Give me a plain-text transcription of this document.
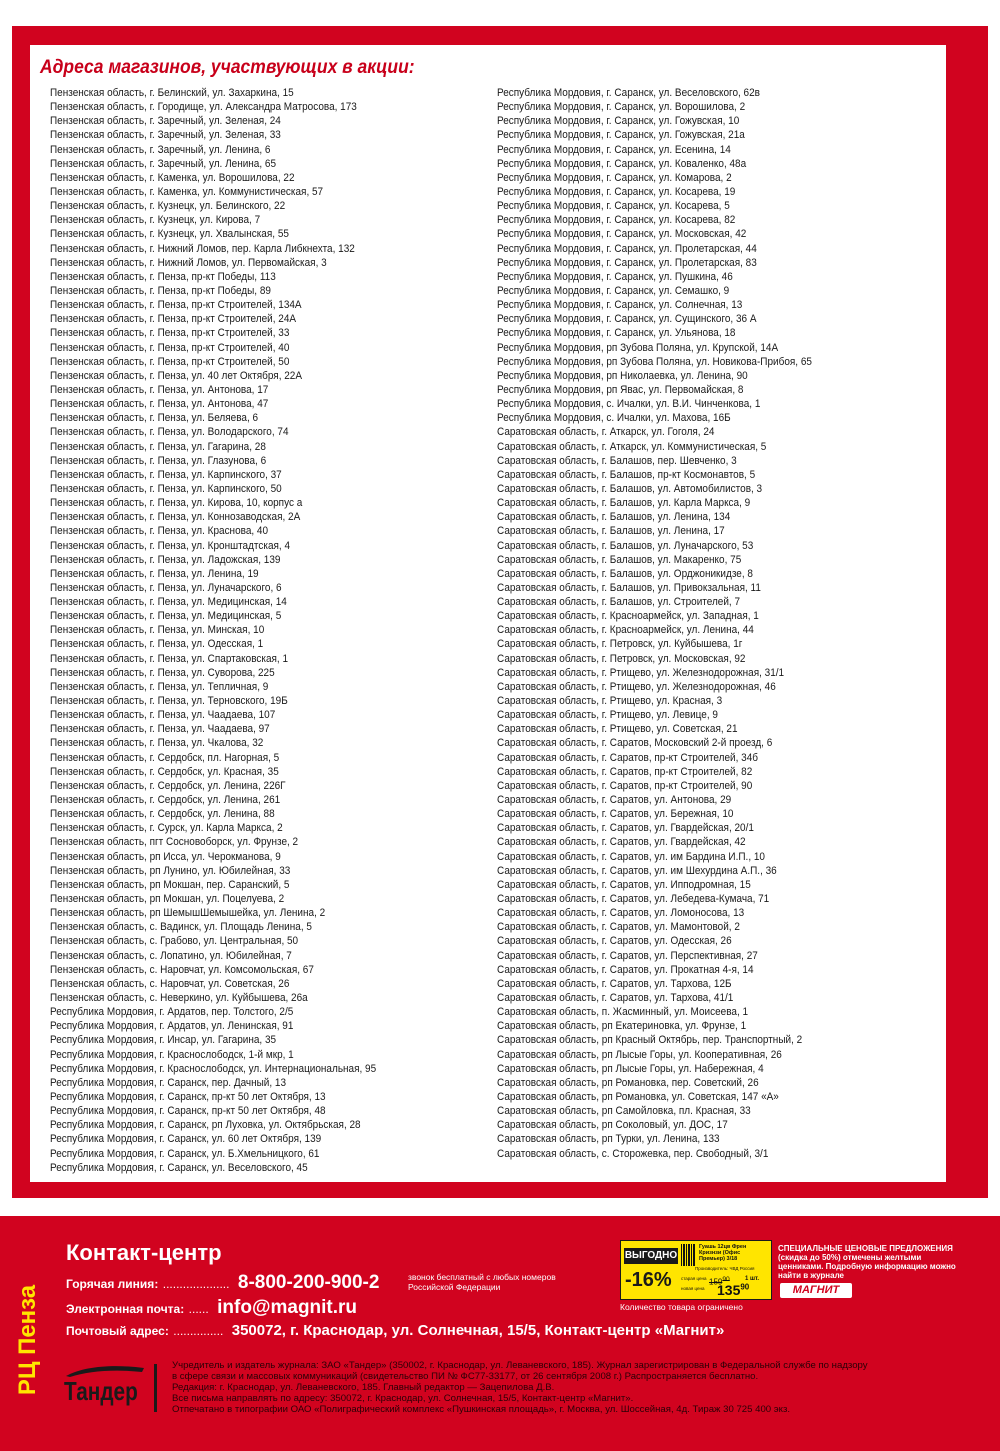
Адреса магазинов, участвующих в акции:
Пензенская область, г. Белинский, ул. Захаркина, 15
Пензенская область, г. Городище, ул. Александра Матросова, 173
Пензенская область, г. Заречный, ул. Зеленая, 24
Пензенская область, г. Заречный, ул. Зеленая, 33
Пензенская область, г. Заречный, ул. Ленина, 6
Пензенская область, г. Заречный, ул. Ленина, 65
Пензенская область, г. Каменка, ул. Ворошилова, 22
Пензенская область, г. Каменка, ул. Коммунистическая, 57
Пензенская область, г. Кузнецк, ул. Белинского, 22
Пензенская область, г. Кузнецк, ул. Кирова, 7
Пензенская область, г. Кузнецк, ул. Хвалынская, 55
Пензенская область, г. Нижний Ломов, пер. Карла Либкнехта, 132
Пензенская область, г. Нижний Ломов, ул. Первомайская, 3
Пензенская область, г. Пенза, пр-кт Победы, 113
Пензенская область, г. Пенза, пр-кт Победы, 89
Пензенская область, г. Пенза, пр-кт Строителей, 134А
Пензенская область, г. Пенза, пр-кт Строителей, 24А
Пензенская область, г. Пенза, пр-кт Строителей, 33
Пензенская область, г. Пенза, пр-кт Строителей, 40
Пензенская область, г. Пенза, пр-кт Строителей, 50
Пензенская область, г. Пенза, ул. 40 лет Октября, 22А
Пензенская область, г. Пенза, ул. Антонова, 17
Пензенская область, г. Пенза, ул. Антонова, 47
Пензенская область, г. Пенза, ул. Беляева, 6
Пензенская область, г. Пенза, ул. Володарского, 74
Пензенская область, г. Пенза, ул. Гагарина, 28
Пензенская область, г. Пенза, ул. Глазунова, 6
Пензенская область, г. Пенза, ул. Карпинского, 37
Пензенская область, г. Пенза, ул. Карпинского, 50
Пензенская область, г. Пенза, ул. Кирова, 10, корпус а
Пензенская область, г. Пенза, ул. Коннозаводская, 2А
Пензенская область, г. Пенза, ул. Краснова, 40
Пензенская область, г. Пенза, ул. Кронштадтская, 4
Пензенская область, г. Пенза, ул. Ладожская, 139
Пензенская область, г. Пенза, ул. Ленина, 19
Пензенская область, г. Пенза, ул. Луначарского, 6
Пензенская область, г. Пенза, ул. Медицинская, 14
Пензенская область, г. Пенза, ул. Медицинская, 5
Пензенская область, г. Пенза, ул. Минская, 10
Пензенская область, г. Пенза, ул. Одесская, 1
Пензенская область, г. Пенза, ул. Спартаковская, 1
Пензенская область, г. Пенза, ул. Суворова, 225
Пензенская область, г. Пенза, ул. Тепличная, 9
Пензенская область, г. Пенза, ул. Терновского, 19Б
Пензенская область, г. Пенза, ул. Чаадаева, 107
Пензенская область, г. Пенза, ул. Чаадаева, 97
Пензенская область, г. Пенза, ул. Чкалова, 32
Пензенская область, г. Сердобск, пл. Нагорная, 5
Пензенская область, г. Сердобск, ул. Красная, 35
Пензенская область, г. Сердобск, ул. Ленина, 226Г
Пензенская область, г. Сердобск, ул. Ленина, 261
Пензенская область, г. Сердобск, ул. Ленина, 88
Пензенская область, г. Сурск, ул. Карла Маркса, 2
Пензенская область, пгт Сосновоборск, ул. Фрунзе, 2
Пензенская область, рп Исса, ул. Черокманова, 9
Пензенская область, рп Лунино, ул. Юбилейная, 33
Пензенская область, рп Мокшан, пер. Саранский, 5
Пензенская область, рп Мокшан, ул. Поцелуева, 2
Пензенская область, рп ШемышШемышейка, ул. Ленина, 2
Пензенская область, с. Вадинск, ул. Площадь Ленина, 5
Пензенская область, с. Грабово, ул. Центральная, 50
Пензенская область, с. Лопатино, ул. Юбилейная, 7
Пензенская область, с. Наровчат, ул. Комсомольская, 67
Пензенская область, с. Наровчат, ул. Советская, 26
Пензенская область, с. Неверкино, ул. Куйбышева, 26а
Республика Мордовия, г. Ардатов, пер. Толстого, 2/5
Республика Мордовия, г. Ардатов, ул. Ленинская, 91
Республика Мордовия, г. Инсар, ул. Гагарина, 35
Республика Мордовия, г. Краснослободск, 1-й мкр, 1
Республика Мордовия, г. Краснослободск, ул. Интернациональная, 95
Республика Мордовия, г. Саранск, пер. Дачный, 13
Республика Мордовия, г. Саранск, пр-кт 50 лет Октября, 13
Республика Мордовия, г. Саранск, пр-кт 50 лет Октября, 48
Республика Мордовия, г. Саранск, рп Луховка, ул. Октябрьская, 28
Республика Мордовия, г. Саранск, ул. 60 лет Октября, 139
Республика Мордовия, г. Саранск, ул. Б.Хмельницкого, 61
Республика Мордовия, г. Саранск, ул. Веселовского, 45
Республика Мордовия, г. Саранск, ул. Веселовского, 62в
Республика Мордовия, г. Саранск, ул. Ворошилова, 2
Республика Мордовия, г. Саранск, ул. Гожувская, 10
Республика Мордовия, г. Саранск, ул. Гожувская, 21а
Республика Мордовия, г. Саранск, ул. Есенина, 14
Республика Мордовия, г. Саранск, ул. Коваленко, 48а
Республика Мордовия, г. Саранск, ул. Комарова, 2
Республика Мордовия, г. Саранск, ул. Косарева, 19
Республика Мордовия, г. Саранск, ул. Косарева, 5
Республика Мордовия, г. Саранск, ул. Косарева, 82
Республика Мордовия, г. Саранск, ул. Московская, 42
Республика Мордовия, г. Саранск, ул. Пролетарская, 44
Республика Мордовия, г. Саранск, ул. Пролетарская, 83
Республика Мордовия, г. Саранск, ул. Пушкина, 46
Республика Мордовия, г. Саранск, ул. Семашко, 9
Республика Мордовия, г. Саранск, ул. Солнечная, 13
Республика Мордовия, г. Саранск, ул. Сущинского, 36 А
Республика Мордовия, г. Саранск, ул. Ульянова, 18
Республика Мордовия, рп Зубова Поляна, ул. Крупской, 14А
Республика Мордовия, рп Зубова Поляна, ул. Новикова-Прибоя, 65
Республика Мордовия, рп Николаевка, ул. Ленина, 90
Республика Мордовия, рп Явас, ул. Первомайская, 8
Республика Мордовия, с. Ичалки, ул. В.И. Чинченкова, 1
Республика Мордовия, с. Ичалки, ул. Махова, 16Б
Саратовская область, г. Аткарск, ул. Гоголя, 24
Саратовская область, г. Аткарск, ул. Коммунистическая, 5
Саратовская область, г. Балашов, пер. Шевченко, 3
Саратовская область, г. Балашов, пр-кт Космонавтов, 5
Саратовская область, г. Балашов, ул. Автомобилистов, 3
Саратовская область, г. Балашов, ул. Карла Маркса, 9
Саратовская область, г. Балашов, ул. Ленина, 134
Саратовская область, г. Балашов, ул. Ленина, 17
Саратовская область, г. Балашов, ул. Луначарского, 53
Саратовская область, г. Балашов, ул. Макаренко, 75
Саратовская область, г. Балашов, ул. Орджоникидзе, 8
Саратовская область, г. Балашов, ул. Привокзальная, 11
Саратовская область, г. Балашов, ул. Строителей, 7
Саратовская область, г. Красноармейск, ул. Западная, 1
Саратовская область, г. Красноармейск, ул. Ленина, 44
Саратовская область, г. Петровск, ул. Куйбышева, 1г
Саратовская область, г. Петровск, ул. Московская, 92
Саратовская область, г. Ртищево, ул. Железнодорожная, 31/1
Саратовская область, г. Ртищево, ул. Железнодорожная, 46
Саратовская область, г. Ртищево, ул. Красная, 3
Саратовская область, г. Ртищево, ул. Левице, 9
Саратовская область, г. Ртищево, ул. Советская, 21
Саратовская область, г. Саратов, Московский 2-й проезд, 6
Саратовская область, г. Саратов, пр-кт Строителей, 34б
Саратовская область, г. Саратов, пр-кт Строителей, 82
Саратовская область, г. Саратов, пр-кт Строителей, 90
Саратовская область, г. Саратов, ул. Антонова, 29
Саратовская область, г. Саратов, ул. Бережная, 10
Саратовская область, г. Саратов, ул. Гвардейская, 20/1
Саратовская область, г. Саратов, ул. Гвардейская, 42
Саратовская область, г. Саратов, ул. им Бардина И.П., 10
Саратовская область, г. Саратов, ул. им Шехурдина А.П., 36
Саратовская область, г. Саратов, ул. Ипподромная, 15
Саратовская область, г. Саратов, ул. Лебедева-Кумача, 71
Саратовская область, г. Саратов, ул. Ломоносова, 13
Саратовская область, г. Саратов, ул. Мамонтовой, 2
Саратовская область, г. Саратов, ул. Одесская, 26
Саратовская область, г. Саратов, ул. Перспективная, 27
Саратовская область, г. Саратов, ул. Прокатная 4-я, 14
Саратовская область, г. Саратов, ул. Тархова, 12Б
Саратовская область, г. Саратов, ул. Тархова, 41/1
Саратовская область, п. Жасминный, ул. Моисеева, 1
Саратовская область, рп Екатериновка, ул. Фрунзе, 1
Саратовская область, рп Красный Октябрь, пер. Транспортный, 2
Саратовская область, рп Лысые Горы, ул. Кооперативная, 26
Саратовская область, рп Лысые Горы, ул. Набережная, 4
Саратовская область, рп Романовка, пер. Советский, 26
Саратовская область, рп Романовка, ул. Советская, 147 «А»
Саратовская область, рп Самойловка, пл. Красная, 33
Саратовская область, рп Соколовый, ул. ДОС, 17
Саратовская область, рп Турки, ул. Ленина, 133
Саратовская область, с. Сторожевка, пер. Свободный, 3/1
РЦ Пенза
Контакт-центр
Горячая линия: .................... 8-800-200-900-2	звонок бесплатный с любых номеров Российской Федерации
Электронная почта: ...... info@magnit.ru
Почтовый адрес: ............... 350072, г. Краснодар, ул. Солнечная, 15/5, Контакт-центр «Магнит»
ВЫГОДНО
-16%
Гуашь 12цв Френ Кризнзи (Офис Премьер) 3/18
Производитель: ЧВД Россия
старая цена $159^{90}$	1 шт.
новая цена $135^{90}$
Количество товара ограничено
СПЕЦИАЛЬНЫЕ ЦЕНОВЫЕ ПРЕДЛОЖЕНИЯ (скидка до 50%) отмечены желтыми ценниками. Подробную информацию можно найти в журнале
МАГНИТ
Тандер
Учредитель и издатель журнала: ЗАО «Тандер» (350002, г. Краснодар, ул. Леваневского, 185). Журнал зарегистрирован в Федеральной службе по надзору
в сфере связи и массовых коммуникаций (свидетельство ПИ № ФС77-33177, от 26 сентября 2008 г.) Распространяется бесплатно.
Редакция: г. Краснодар, ул. Леваневского, 185. Главный редактор — Зацепилова Д.В.
Все письма направлять по адресу: 350072, г. Краснодар, ул. Солнечная, 15/5, Контакт-центр «Магнит».
Отпечатано в типографии ОАО «Полиграфический комплекс «Пушкинская площадь», г. Москва, ул. Шоссейная, 4д. Тираж 30 725 400 экз.
